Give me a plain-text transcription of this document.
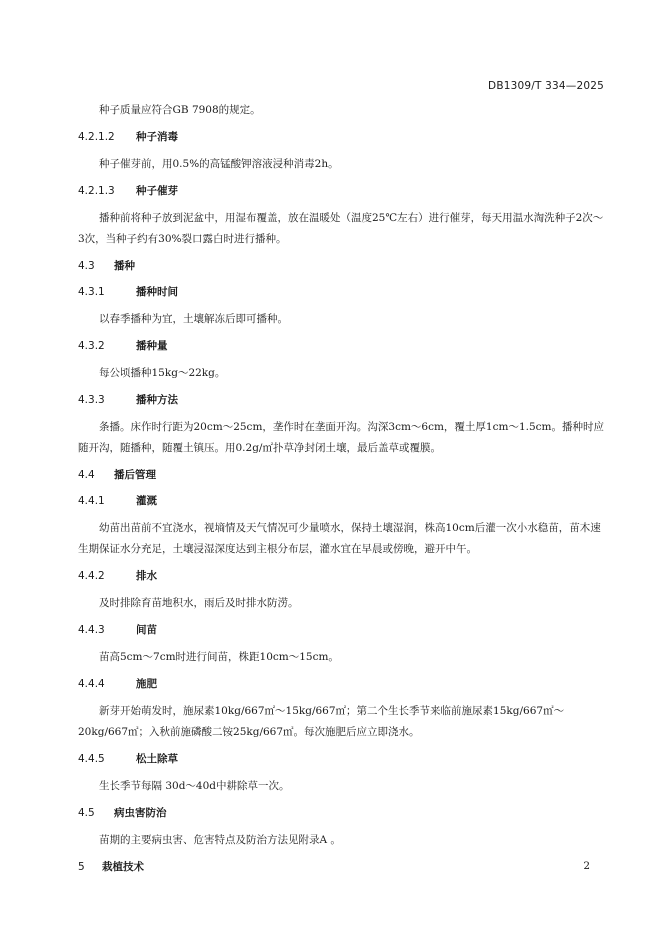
DB1309/T 334—2025

种子质量应符合GB 7908的规定。

4.2.1.2 种子消毒

种子催芽前，用0.5%的高锰酸钾溶液浸种消毒2h。

4.2.1.3 种子催芽

播种前将种子放到泥盆中，用湿布覆盖，放在温暖处（温度25℃左右）进行催芽，每天用温水淘洗种子2次～3次，当种子约有30%裂口露白时进行播种。

4.3 播种
4.3.1	播种时间

以春季播种为宜，土壤解冻后即可播种。

4.3.2	播种量

每公顷播种15kg～22kg。

4.3.3	播种方法

条播。床作时行距为20cm～25cm，垄作时在垄面开沟。沟深3cm～6cm，覆土厚1cm～1.5cm。播种时应随开沟，随播种，随覆土镇压。用0.2g/㎡扑草净封闭土壤，最后盖草或覆膜。

4.4 播后管理
4.4.1	灌溉

幼苗出苗前不宜浇水，视墒情及天气情况可少量喷水，保持土壤湿润，株高10cm后灌一次小水稳苗，苗木速生期保证水分充足，土壤浸湿深度达到主根分布层，灌水宜在早晨或傍晚，避开中午。

4.4.2	排水

及时排除育苗地积水，雨后及时排水防涝。

4.4.3	间苗

苗高5cm～7cm时进行间苗，株距10cm～15cm。

4.4.4	施肥

新芽开始萌发时，施尿素10kg/667㎡～15kg/667㎡；第二个生长季节来临前施尿素15kg/667㎡～20kg/667㎡；入秋前施磷酸二铵25kg/667㎡。每次施肥后应立即浇水。

4.4.5	松土除草

生长季节每隔 30d～40d中耕除草一次。

4.5 病虫害防治

苗期的主要病虫害、危害特点及防治方法见附录A 。

5 栽植技术	2
